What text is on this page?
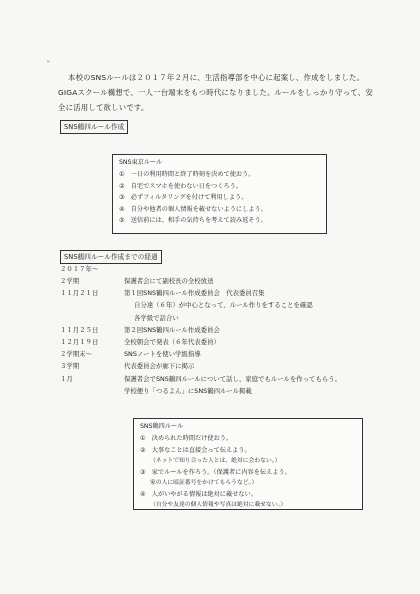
"

本校のSNSルールは２０１７年２月に、生活指導部を中心に起案し、作成をしました。GIGAスクール構想で、一人一台端末をもつ時代になりました。ルールをしっかり守って、安全に活用して欲しいです。

SNS鶴四ルール作成
SNS東京ルール
①　一日の利用時間と終了時刻を決めて使おう。
②　自宅でスマホを使わない日をつくろう。
③　必ずフィルタリングを付けて利用しよう。
④　自分や他者の個人情報を載せないようにしよう。
⑤　送信前には、相手の気持ちを考えて読み返そう。
SNS鶴四ルール作成までの経過
２０１７年～
２学期	保護者会にて副校長の全校放送
１１月２１日	第１回SNS鶴四ルール作成委員会　代表委員召集
自分達（６年）が中心となって、ルール作りをすることを確認
各学級で話合い
１１月２５日	第２回SNS鶴四ルール作成委員会
１２月１９日	全校朝会で発表（６年代表委員）
２学期末～	SNSノートを使い学級指導
３学期	代表委員会が廊下に掲示
１月	保護者会でSNS鶴四ルールについて話し、家庭でもルールを作ってもらう。
学校便り「つるよん」にSNS鶴四ルール掲載
SNS鶴四ルール
①　決められた時間だけ使おう。
②　大事なことは直接会って伝えよう。
（ネットで知り合った人とは、絶対に会わない。）
③　家でルールを作ろう。（保護者に内容を伝えよう。
家の人に暗証番号をかけてもらうなど。）
④　人がいやがる情報は絶対に載せない。
（自分や友達の個人情報や写真は絶対に載せない。）
